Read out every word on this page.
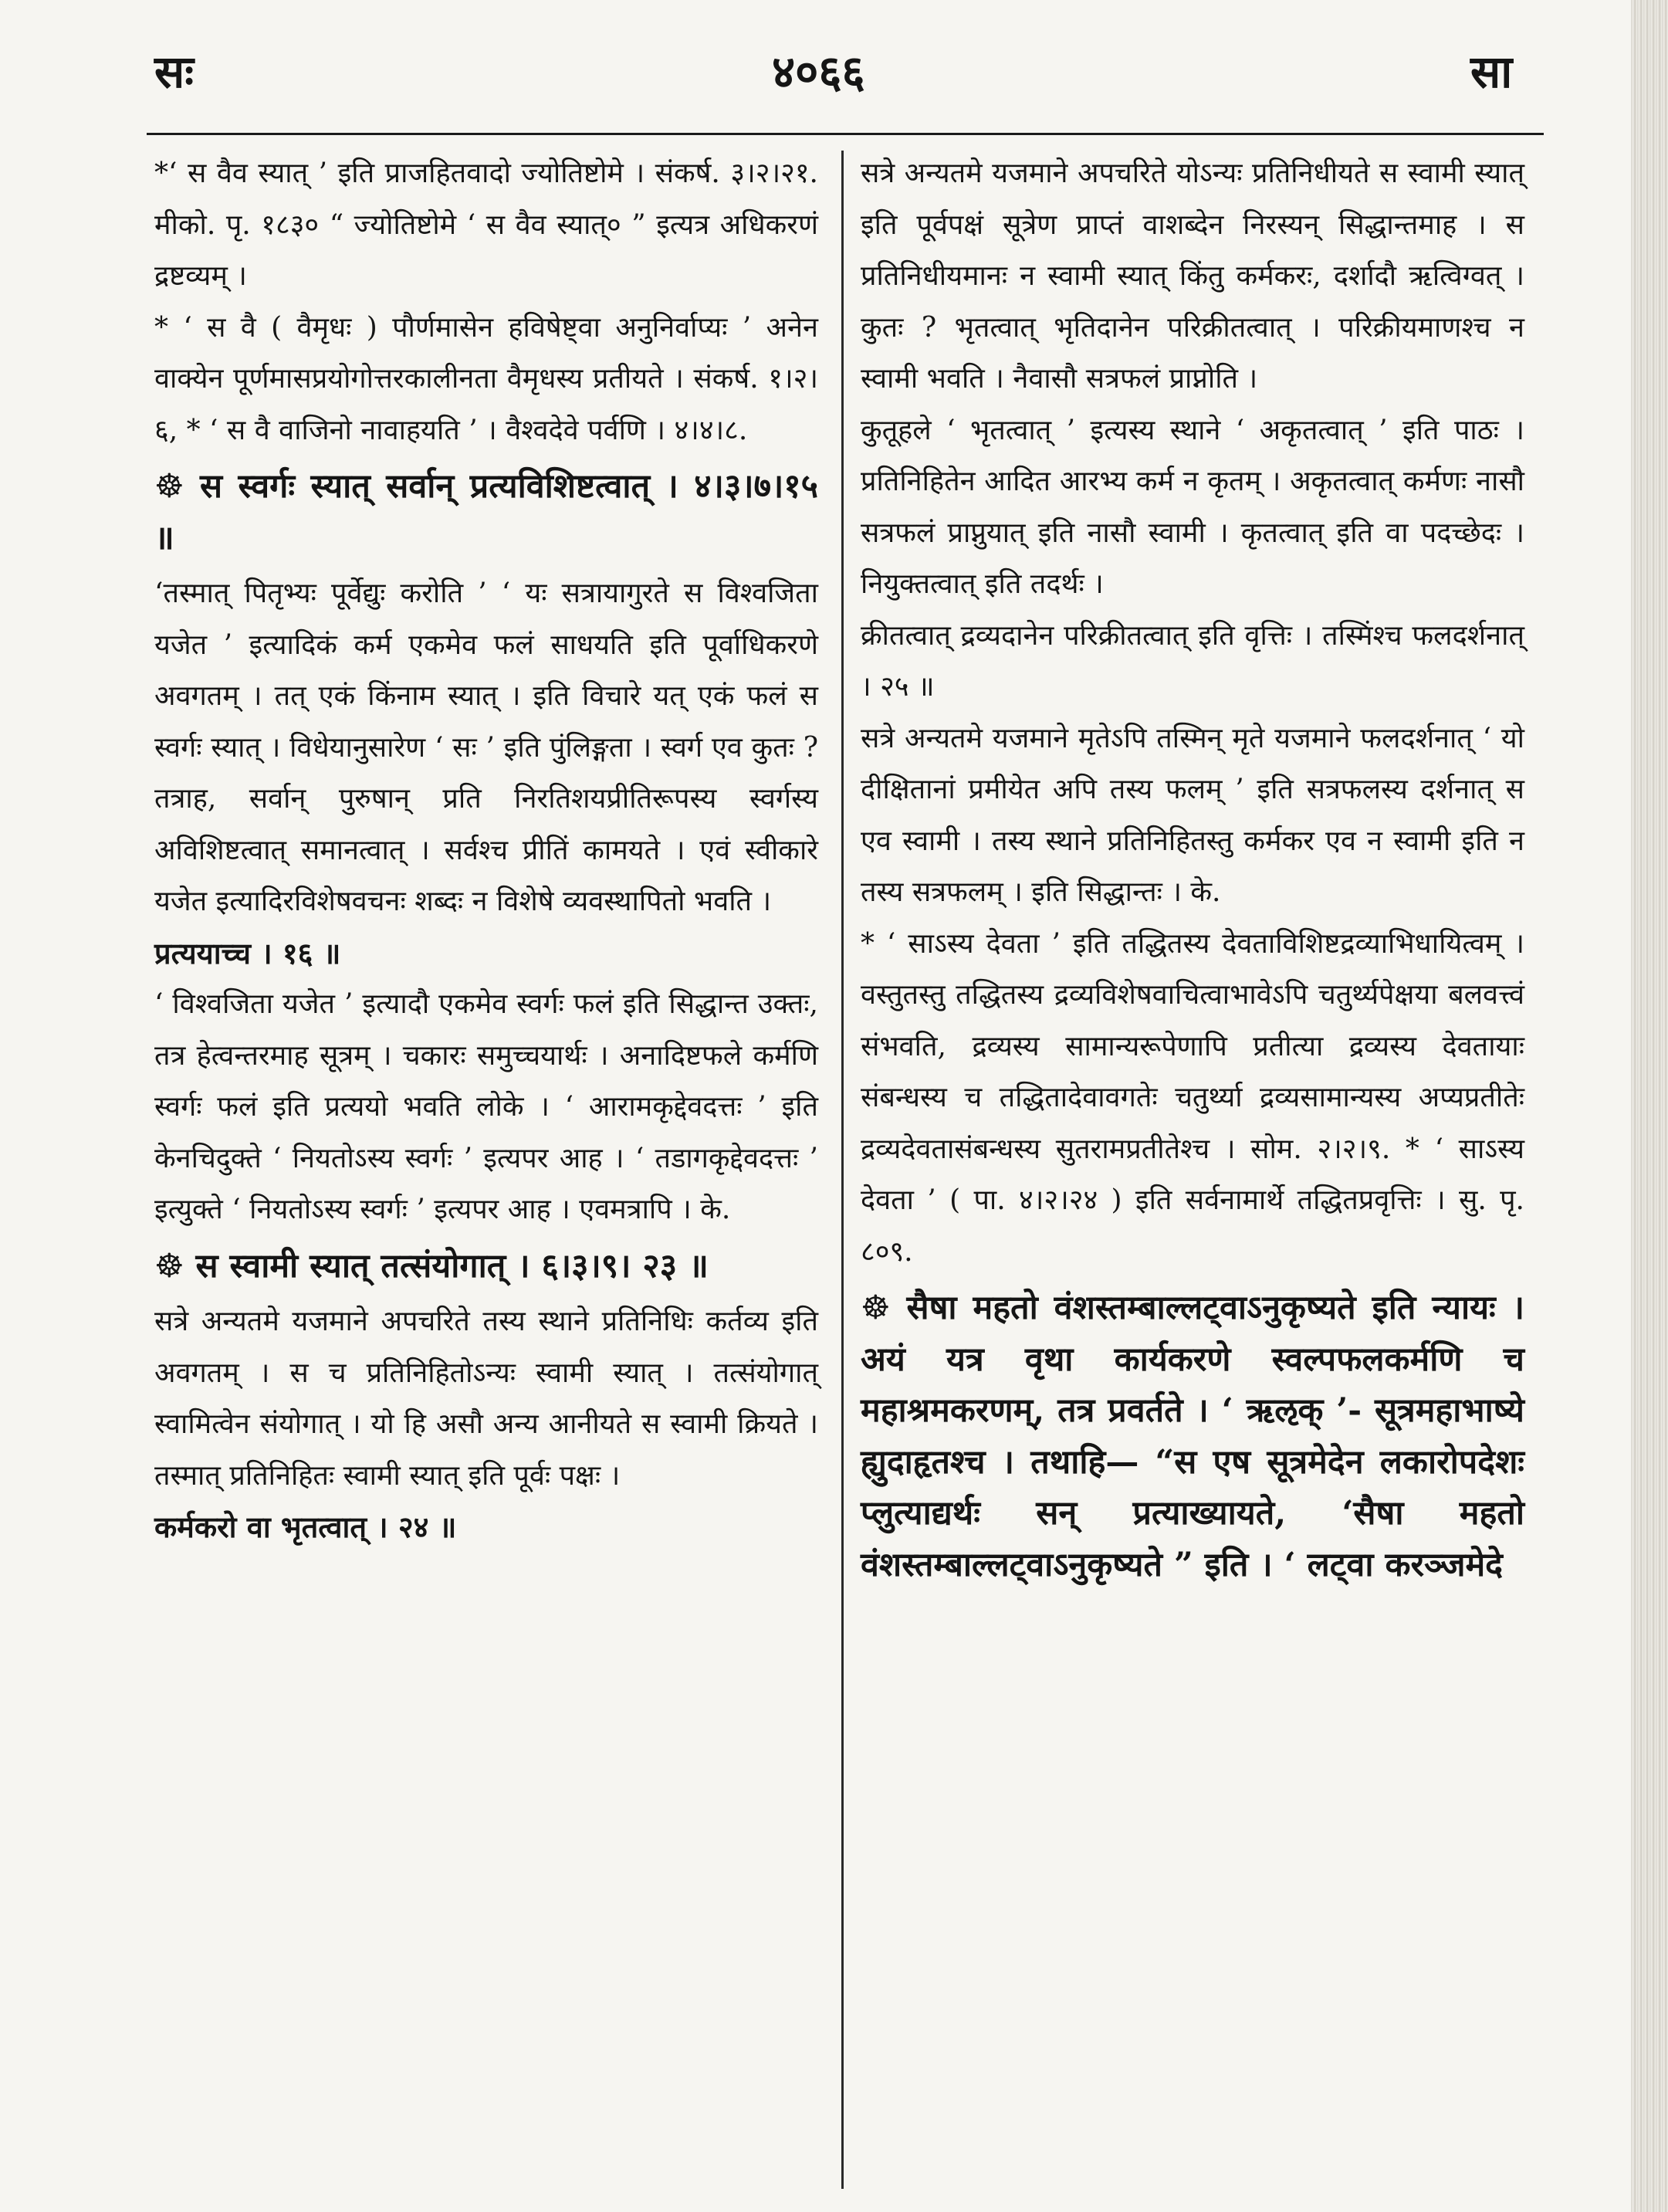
सः	४०६६	सा

*‘ स वैव स्यात् ’ इति प्राजहितवादो ज्योतिष्टोमे । संकर्ष. ३।२।२१. मीको. पृ. १८३० “ ज्योतिष्टोमे ‘ स वैव स्यात्० ” इत्यत्र अधिकरणं द्रष्टव्यम् ।

* ‘ स वै ( वैमृधः ) पौर्णमासेन हविषेष्ट्वा अनुनिर्वाप्यः ’ अनेन वाक्येन पूर्णमासप्रयोगोत्तरकालीनता वैमृधस्य प्रतीयते । संकर्ष. १।२।६, * ‘ स वै वाजिनो नावाहयति ’ । वैश्वदेवे पर्वणि । ४।४।८.

☸ स स्वर्गः स्यात् सर्वान् प्रत्यविशिष्टत्वात् । ४।३।७।१५ ॥

‘तस्मात् पितृभ्यः पूर्वेद्युः करोति ’ ‘ यः सत्रायागुरते स विश्वजिता यजेत ’ इत्यादिकं कर्म एकमेव फलं साधयति इति पूर्वाधिकरणे अवगतम् । तत् एकं किंनाम स्यात् । इति विचारे यत् एकं फलं स स्वर्गः स्यात् । विधेयानुसारेण ‘ सः ’ इति पुंलिङ्गता । स्वर्ग एव कुतः ? तत्राह, सर्वान् पुरुषान् प्रति निरतिशयप्रीतिरूपस्य स्वर्गस्य अविशिष्टत्वात् समानत्वात् । सर्वश्च प्रीतिं कामयते । एवं स्वीकारे यजेत इत्यादिरविशेषवचनः शब्दः न विशेषे व्यवस्थापितो भवति ।

प्रत्ययाच्च । १६ ॥

‘ विश्वजिता यजेत ’ इत्यादौ एकमेव स्वर्गः फलं इति सिद्धान्त उक्तः, तत्र हेत्वन्तरमाह सूत्रम् । चकारः समुच्चयार्थः । अनादिष्टफले कर्मणि स्वर्गः फलं इति प्रत्ययो भवति लोके । ‘ आरामकृद्देवदत्तः ’ इति केनचिदुक्ते ‘ नियतोऽस्य स्वर्गः ’ इत्यपर आह । ‘ तडागकृद्देवदत्तः ’ इत्युक्ते ‘ नियतोऽस्य स्वर्गः ’ इत्यपर आह । एवमत्रापि । के.

☸ स स्वामी स्यात् तत्संयोगात् । ६।३।९। २३ ॥

सत्रे अन्यतमे यजमाने अपचरिते तस्य स्थाने प्रतिनिधिः कर्तव्य इति अवगतम् । स च प्रतिनिहितोऽन्यः स्वामी स्यात् । तत्संयोगात् स्वामित्वेन संयोगात् । यो हि असौ अन्य आनीयते स स्वामी क्रियते । तस्मात् प्रतिनिहितः स्वामी स्यात् इति पूर्वः पक्षः ।

कर्मकरो वा भृतत्वात् । २४ ॥

सत्रे अन्यतमे यजमाने अपचरिते योऽन्यः प्रतिनिधीयते स स्वामी स्यात् इति पूर्वपक्षं सूत्रेण प्राप्तं वाशब्देन निरस्यन् सिद्धान्तमाह । स प्रतिनिधीयमानः न स्वामी स्यात् किंतु कर्मकरः, दर्शादौ ऋत्विग्वत् । कुतः ? भृतत्वात् भृतिदानेन परिक्रीतत्वात् । परिक्रीयमाणश्च न स्वामी भवति । नैवासौ सत्रफलं प्राप्नोति ।

कुतूहले ‘ भृतत्वात् ’ इत्यस्य स्थाने ‘ अकृतत्वात् ’ इति पाठः । प्रतिनिहितेन आदित आरभ्य कर्म न कृतम् । अकृतत्वात् कर्मणः नासौ सत्रफलं प्राप्नुयात् इति नासौ स्वामी । कृतत्वात् इति वा पदच्छेदः । नियुक्तत्वात् इति तदर्थः ।

क्रीतत्वात् द्रव्यदानेन परिक्रीतत्वात् इति वृत्तिः । तस्मिंश्च फलदर्शनात् । २५ ॥

सत्रे अन्यतमे यजमाने मृतेऽपि तस्मिन् मृते यजमाने फलदर्शनात् ‘ यो दीक्षितानां प्रमीयेत अपि तस्य फलम् ’ इति सत्रफलस्य दर्शनात् स एव स्वामी । तस्य स्थाने प्रतिनिहितस्तु कर्मकर एव न स्वामी इति न तस्य सत्रफलम् । इति सिद्धान्तः । के.

* ‘ साऽस्य देवता ’ इति तद्धितस्य देवताविशिष्टद्रव्याभिधायित्वम् । वस्तुतस्तु तद्धितस्य द्रव्यविशेषवाचित्वाभावेऽपि चतुर्थ्यपेक्षया बलवत्त्वं संभवति, द्रव्यस्य सामान्यरूपेणापि प्रतीत्या द्रव्यस्य देवतायाः संबन्धस्य च तद्धितादेवावगतेः चतुर्थ्या द्रव्यसामान्यस्य अप्यप्रतीतेः द्रव्यदेवतासंबन्धस्य सुतरामप्रतीतेश्च । सोम. २।२।९. * ‘ साऽस्य देवता ’ ( पा. ४।२।२४ ) इति सर्वनामार्थे तद्धितप्रवृत्तिः । सु. पृ. ८०९.

☸ सैषा महतो वंशस्तम्बाल्लट्वाऽनुकृष्यते इति न्यायः । अयं यत्र वृथा कार्यकरणे स्वल्पफलकर्मणि च महाश्रमकरणम्, तत्र प्रवर्तते । ‘ ऋऌक् ’- सूत्रमहाभाष्ये ह्युदाहृतश्च । तथाहि— “स एष सूत्रमेदेन लकारोपदेशः प्लुत्याद्यर्थः सन् प्रत्याख्यायते, ‘सैषा महतो वंशस्तम्बाल्लट्वाऽनुकृष्यते ” इति । ‘ लट्वा करञ्जमेदे
